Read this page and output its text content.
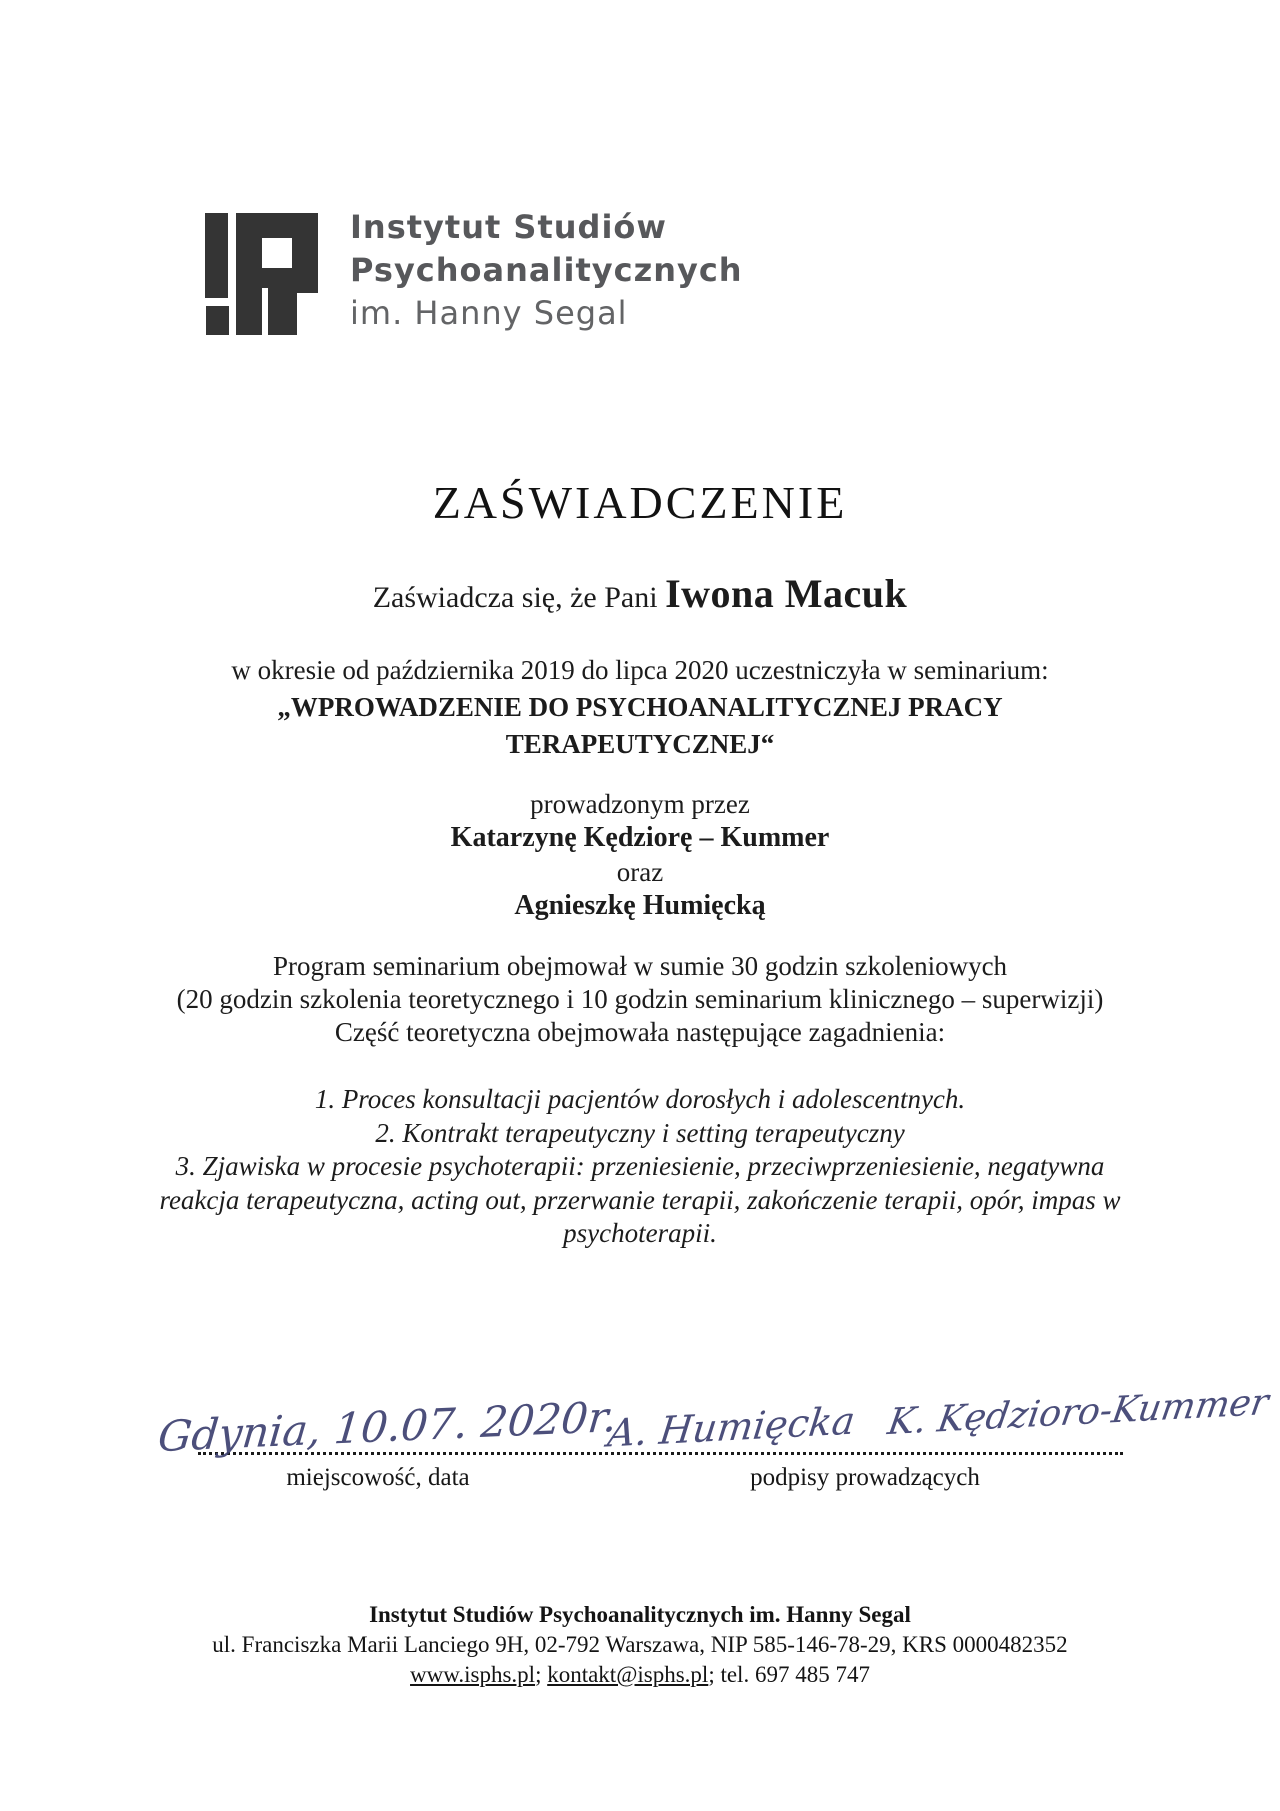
Instytut Studiów
Psychoanalitycznych
im. Hanny Segal
ZAŚWIADCZENIE
Zaświadcza się, że Pani Iwona Macuk
w okresie od października 2019 do lipca 2020 uczestniczyła w seminarium:
„WPROWADZENIE DO PSYCHOANALITYCZNEJ PRACY
TERAPEUTYCZNEJ“
prowadzonym przez
Katarzynę Kędziorę – Kummer
oraz
Agnieszkę Humięcką
Program seminarium obejmował w sumie 30 godzin szkoleniowych
(20 godzin szkolenia teoretycznego i 10 godzin seminarium klinicznego – superwizji)
Część teoretyczna obejmowała następujące zagadnienia:
1. Proces konsultacji pacjentów dorosłych i adolescentnych.
2. Kontrakt terapeutyczny i setting terapeutyczny
3. Zjawiska w procesie psychoterapii: przeniesienie, przeciwprzeniesienie, negatywna reakcja terapeutyczna, acting out, przerwanie terapii, zakończenie terapii, opór, impas w psychoterapii.
Gdynia, 10.07. 2020r.
A. Humięcka K. Kędzioro-Kummer
miejscowość, data	podpisy prowadzących
Instytut Studiów Psychoanalitycznych im. Hanny Segal
ul. Franciszka Marii Lanciego 9H, 02-792 Warszawa, NIP 585-146-78-29, KRS 0000482352
www.isphs.pl; kontakt@isphs.pl; tel. 697 485 747
